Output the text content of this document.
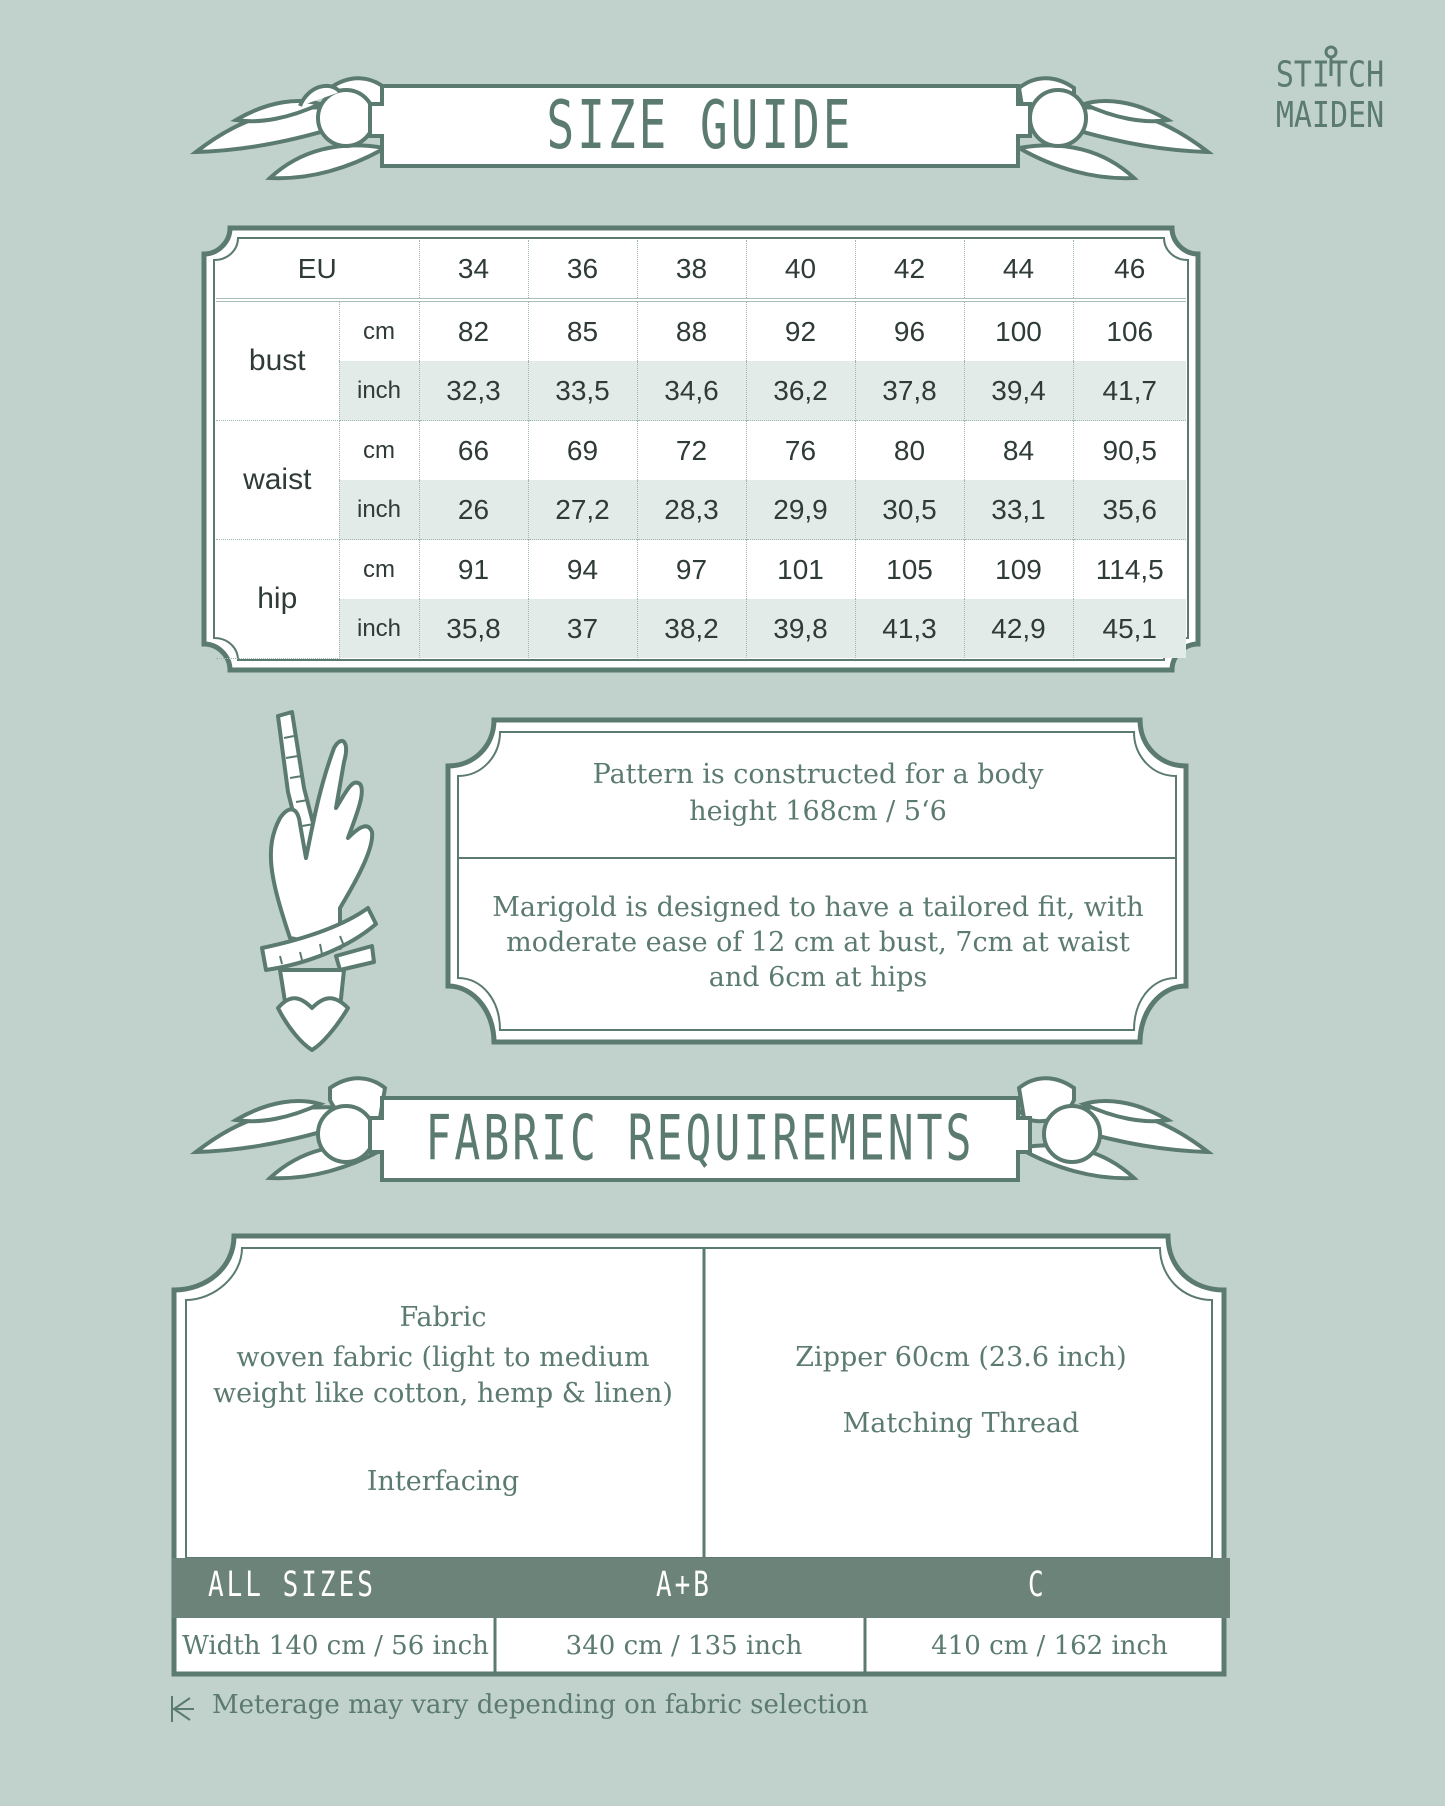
STITCH
MAIDEN
SIZE GUIDE
EU		34	36	38	40	42	44	46
bust	cm	82	85	88	92	96	100	106
	inch	32,3	33,5	34,6	36,2	37,8	39,4	41,7
waist	cm	66	69	72	76	80	84	90,5
	inch	26	27,2	28,3	29,9	30,5	33,1	35,6
hip	cm	91	94	97	101	105	109	114,5
	inch	35,8	37	38,2	39,8	41,3	42,9	45,1
Pattern is constructed for a body
height 168cm / 5‘6
Marigold is designed to have a tailored fit, with
moderate ease of 12 cm at bust, 7cm at waist
and 6cm at hips
FABRIC REQUIREMENTS
Fabric
woven fabric (light to medium
weight like cotton, hemp & linen)
Interfacing
Zipper 60cm (23.6 inch)
Matching Thread
ALL SIZES	A+B	C
Width 140 cm / 56 inch	340 cm / 135 inch	410 cm / 162 inch
Meterage may vary depending on fabric selection
